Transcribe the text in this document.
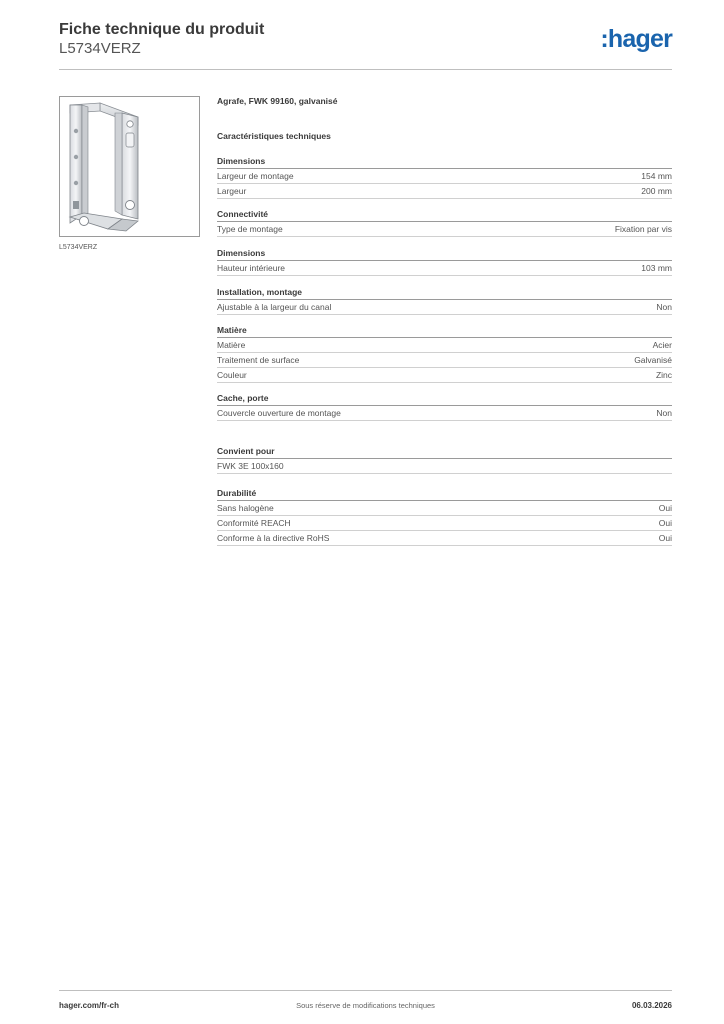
Fiche technique du produit
L5734VERZ	:hager
L5734VERZ
Agrafe, FWK 99160, galvanisé
Caractéristiques techniques
Dimensions
Largeur de montage	154 mm
Largeur	200 mm
Connectivité
Type de montage	Fixation par vis
Dimensions
Hauteur intérieure	103 mm
Installation, montage
Ajustable à la largeur du canal	Non
Matière
Matière	Acier
Traitement de surface	Galvanisé
Couleur	Zinc
Cache, porte
Couvercle ouverture de montage	Non
Convient pour
FWK 3E 100x160
Durabilité
Sans halogène	Oui
Conformité REACH	Oui
Conforme à la directive RoHS	Oui
hager.com/fr-ch	Sous réserve de modifications techniques	06.03.2026
